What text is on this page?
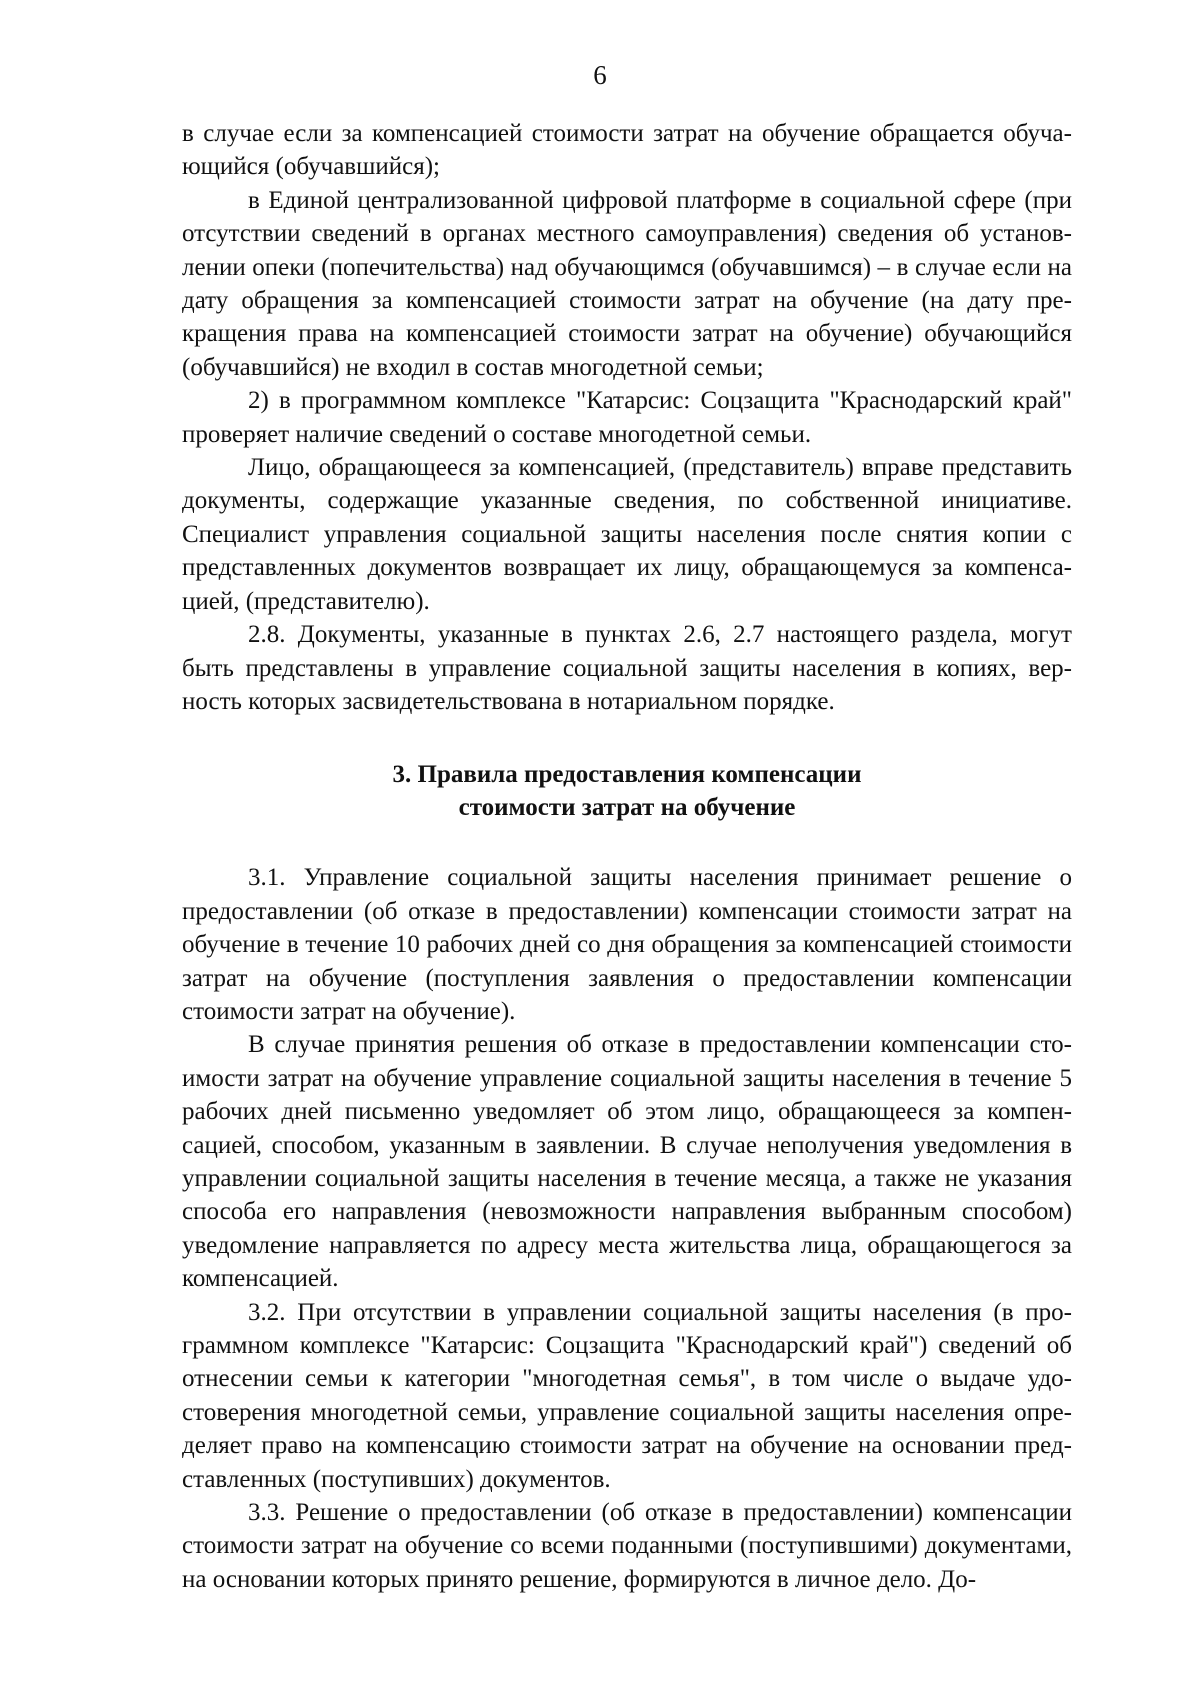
6

в случае если за компенсацией стоимости затрат на обучение обращается обучающийся (обучавшийся);

в Единой централизованной цифровой платформе в социальной сфере (при отсутствии сведений в органах местного самоуправления) сведения об установлении опеки (попечительства) над обучающимся (обучавшимся) – в случае если на дату обращения за компенсацией стоимости затрат на обучение (на дату прекращения права на компенсацией стоимости затрат на обучение) обучающийся (обучавшийся) не входил в состав многодетной семьи;

2) в программном комплексе "Катарсис: Соцзащита "Краснодарский край" проверяет наличие сведений о составе многодетной семьи.

Лицо, обращающееся за компенсацией, (представитель) вправе представить документы, содержащие указанные сведения, по собственной инициативе. Специалист управления социальной защиты населения после снятия копии с представленных документов возвращает их лицу, обращающемуся за компенсацией, (представителю).

2.8. Документы, указанные в пунктах 2.6, 2.7 настоящего раздела, могут быть представлены в управление социальной защиты населения в копиях, верность которых засвидетельствована в нотариальном порядке.

3. Правила предоставления компенсации

стоимости затрат на обучение

3.1. Управление социальной защиты населения принимает решение о предоставлении (об отказе в предоставлении) компенсации стоимости затрат на обучение в течение 10 рабочих дней со дня обращения за компенсацией стоимости затрат на обучение (поступления заявления о предоставлении компенсации стоимости затрат на обучение).

В случае принятия решения об отказе в предоставлении компенсации стоимости затрат на обучение управление социальной защиты населения в течение 5 рабочих дней письменно уведомляет об этом лицо, обращающееся за компенсацией, способом, указанным в заявлении. В случае неполучения уведомления в управлении социальной защиты населения в течение месяца, а также не указания способа его направления (невозможности направления выбранным способом) уведомление направляется по адресу места жительства лица, обращающегося за компенсацией.

3.2. При отсутствии в управлении социальной защиты населения (в программном комплексе "Катарсис: Соцзащита "Краснодарский край") сведений об отнесении семьи к категории "многодетная семья", в том числе о выдаче удостоверения многодетной семьи, управление социальной защиты населения определяет право на компенсацию стоимости затрат на обучение на основании представленных (поступивших) документов.

3.3. Решение о предоставлении (об отказе в предоставлении) компенсации стоимости затрат на обучение со всеми поданными (поступившими) документами, на основании которых принято решение, формируются в личное дело. До-
